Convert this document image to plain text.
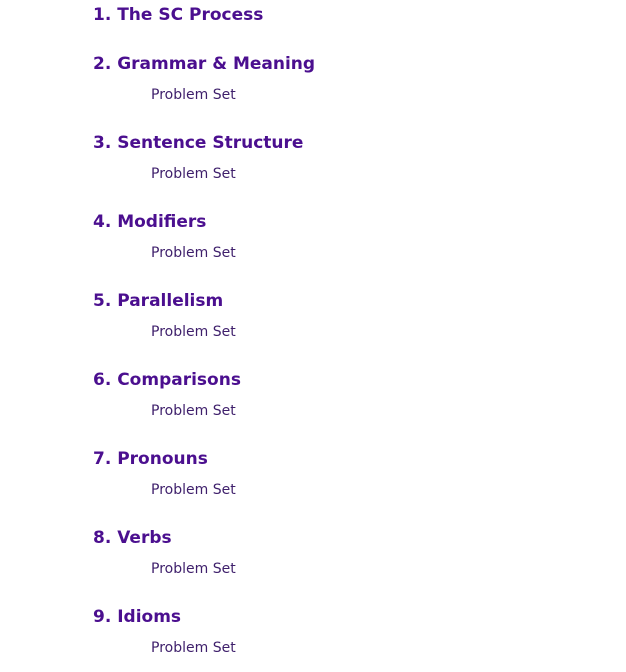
1. The SC Process
2. Grammar & Meaning
Problem Set
3. Sentence Structure
Problem Set
4. Modifiers
Problem Set
5. Parallelism
Problem Set
6. Comparisons
Problem Set
7. Pronouns
Problem Set
8. Verbs
Problem Set
9. Idioms
Problem Set
